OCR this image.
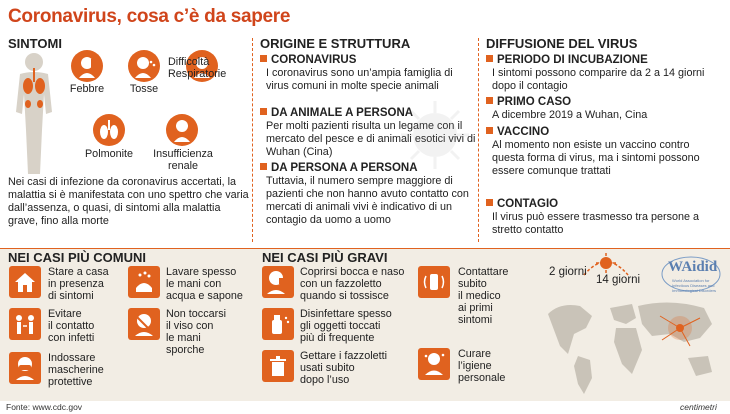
Coronavirus, cosa c’è da sapere
SINTOMI
Febbre	Tosse
Difficoltà
Respiratorie
Polmonite	Insufficienza
renale
Nei casi di infezione da coronavirus accertati, la malattia si è manifestata con uno spettro che varia dall’assenza, o quasi, di sintomi alla malattia grave, fino alla morte
ORIGINE E STRUTTURA
CORONAVIRUS
I coronavirus sono un’ampia famiglia di virus comuni in molte specie animali
DA ANIMALE A PERSONA
Per molti pazienti risulta un legame con il mercato del pesce e di animali esotici vivi di Wuhan (Cina)
DA PERSONA A PERSONA
Tuttavia, il numero sempre maggiore di pazienti che non hanno avuto contatto con mercati di animali vivi è indicativo di un contagio da uomo a uomo
DIFFUSIONE DEL VIRUS
PERIODO DI INCUBAZIONE
I sintomi possono comparire da 2 a 14 giorni dopo il contagio
PRIMO CASO
A dicembre 2019 a Wuhan, Cina
VACCINO
Al momento non esiste un vaccino contro questa forma di virus, ma i sintomi possono essere comunque trattati
CONTAGIO
Il virus può essere trasmesso tra persone a stretto contatto
NEI CASI PIÙ COMUNI	NEI CASI PIÙ GRAVI
Stare a casa
in presenza
di sintomi
Lavare spesso
le mani con
acqua e sapone
Evitare
il contatto
con infetti
Non toccarsi
il viso con
le mani
sporche
Indossare
mascherine
protettive
Coprirsi bocca e naso
con un fazzoletto
quando si tossisce
Contattare
subito
il medico
ai primi
sintomi
Disinfettare spesso
gli oggetti toccati
più di frequente
Gettare i fazzoletti
usati subito
dopo l’uso
Curare
l’igiene
personale
2 giorni
14 giorni
WAidid
World Association for Infectious Diseases and Immunological Disorders
Fonte: www.cdc.gov	centimetri
